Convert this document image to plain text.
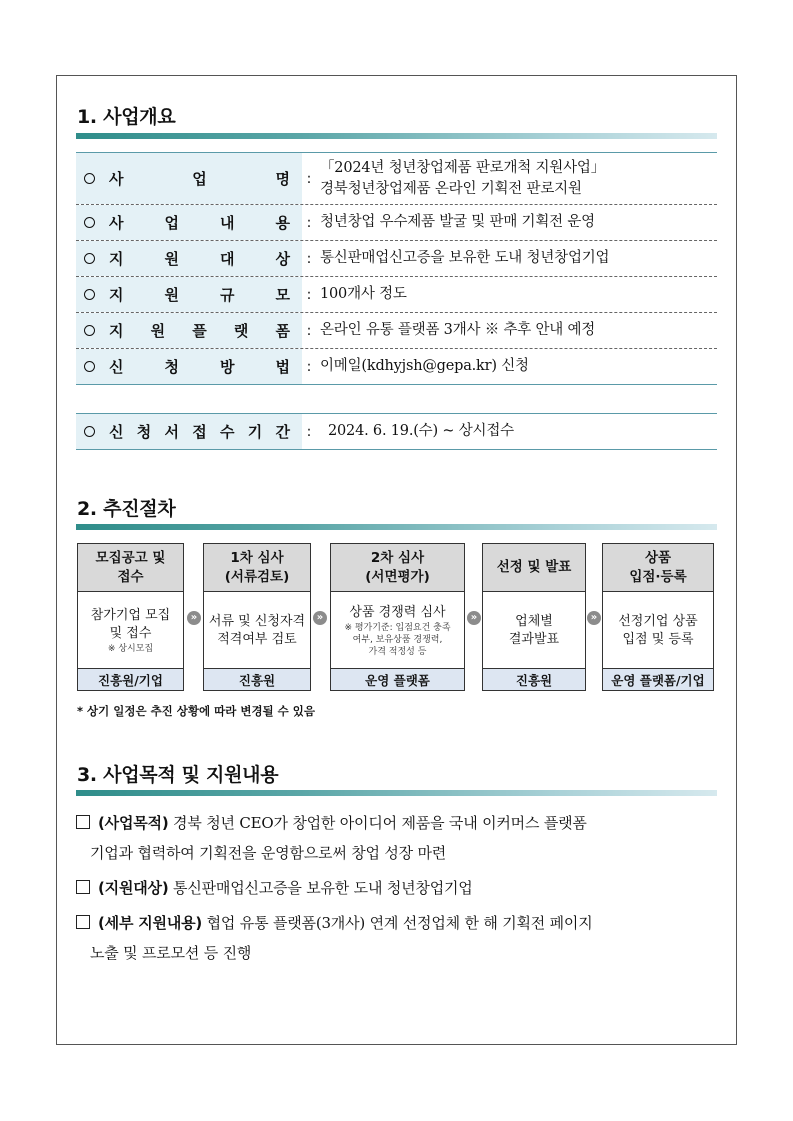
1. 사업개요
사	업	명	:
「2024년 청년창업제품 판로개척 지원사업」
경북청년창업제품 온라인 기획전 판로지원
사	업	내	용	: 청년창업 우수제품 발굴 및 판매 기획전 운영
지	원	대	상	: 통신판매업신고증을 보유한 도내 청년창업기업
지	원	규	모	: 100개사 정도
지 원 플 랫 폼	: 온라인 유통 플랫폼 3개사 ※ 추후 안내 예정
신	청	방	법	: 이메일(kdhyjsh@gepa.kr) 신청
신 청 서 접 수 기 간	:	2024. 6. 19.(수) ~ 상시접수
2. 추진절차
모집공고 및
접수
참가기업 모집
및 접수
※ 상시모집
진흥원/기업
»
1차 심사
(서류검토)
서류 및 신청자격
적격여부 검토
진흥원
»
2차 심사
(서면평가)
상품 경쟁력 심사
※ 평가기준: 입점요건 충족
여부, 보유상품 경쟁력,
가격 적정성 등
운영 플랫폼
»
선정 및 발표
업체별
결과발표
진흥원
»
상품
입점·등록
선정기업 상품
입점 및 등록
운영 플랫폼/기업
* 상기 일정은 추진 상황에 따라 변경될 수 있음
3. 사업목적 및 지원내용
(사업목적) 경북 청년 CEO가 창업한 아이디어 제품을 국내 이커머스 플랫폼
기업과 협력하여 기획전을 운영함으로써 창업 성장 마련
(지원대상) 통신판매업신고증을 보유한 도내 청년창업기업
(세부 지원내용) 협업 유통 플랫폼(3개사) 연계 선정업체 한 해 기획전 페이지
노출 및 프로모션 등 진행
